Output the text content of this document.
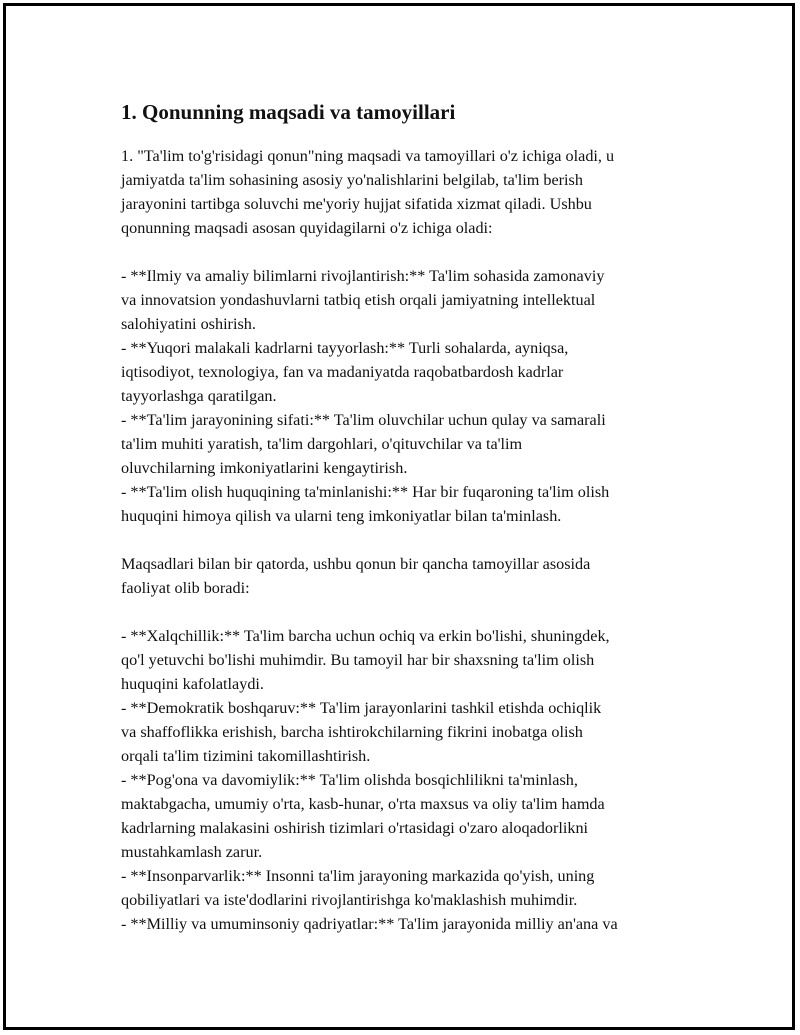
1. Qonunning maqsadi va tamoyillari

1. "Ta'lim to'g'risidagi qonun"ning maqsadi va tamoyillari o'z ichiga oladi, u

jamiyatda ta'lim sohasining asosiy yo'nalishlarini belgilab, ta'lim berish

jarayonini tartibga soluvchi me'yoriy hujjat sifatida xizmat qiladi. Ushbu

qonunning maqsadi asosan quyidagilarni o'z ichiga oladi:

- **Ilmiy va amaliy bilimlarni rivojlantirish:** Ta'lim sohasida zamonaviy

va innovatsion yondashuvlarni tatbiq etish orqali jamiyatning intellektual

salohiyatini oshirish.

- **Yuqori malakali kadrlarni tayyorlash:** Turli sohalarda, ayniqsa,

iqtisodiyot, texnologiya, fan va madaniyatda raqobatbardosh kadrlar

tayyorlashga qaratilgan.

- **Ta'lim jarayonining sifati:** Ta'lim oluvchilar uchun qulay va samarali

ta'lim muhiti yaratish, ta'lim dargohlari, o'qituvchilar va ta'lim

oluvchilarning imkoniyatlarini kengaytirish.

- **Ta'lim olish huquqining ta'minlanishi:** Har bir fuqaroning ta'lim olish

huquqini himoya qilish va ularni teng imkoniyatlar bilan ta'minlash.

Maqsadlari bilan bir qatorda, ushbu qonun bir qancha tamoyillar asosida

faoliyat olib boradi:

- **Xalqchillik:** Ta'lim barcha uchun ochiq va erkin bo'lishi, shuningdek,

qo'l yetuvchi bo'lishi muhimdir. Bu tamoyil har bir shaxsning ta'lim olish

huquqini kafolatlaydi.

- **Demokratik boshqaruv:** Ta'lim jarayonlarini tashkil etishda ochiqlik

va shaffoflikka erishish, barcha ishtirokchilarning fikrini inobatga olish

orqali ta'lim tizimini takomillashtirish.

- **Pog'ona va davomiylik:** Ta'lim olishda bosqichlilikni ta'minlash,

maktabgacha, umumiy o'rta, kasb-hunar, o'rta maxsus va oliy ta'lim hamda

kadrlarning malakasini oshirish tizimlari o'rtasidagi o'zaro aloqadorlikni

mustahkamlash zarur.

- **Insonparvarlik:** Insonni ta'lim jarayoning markazida qo'yish, uning

qobiliyatlari va iste'dodlarini rivojlantirishga ko'maklashish muhimdir.

- **Milliy va umuminsoniy qadriyatlar:** Ta'lim jarayonida milliy an'ana va
